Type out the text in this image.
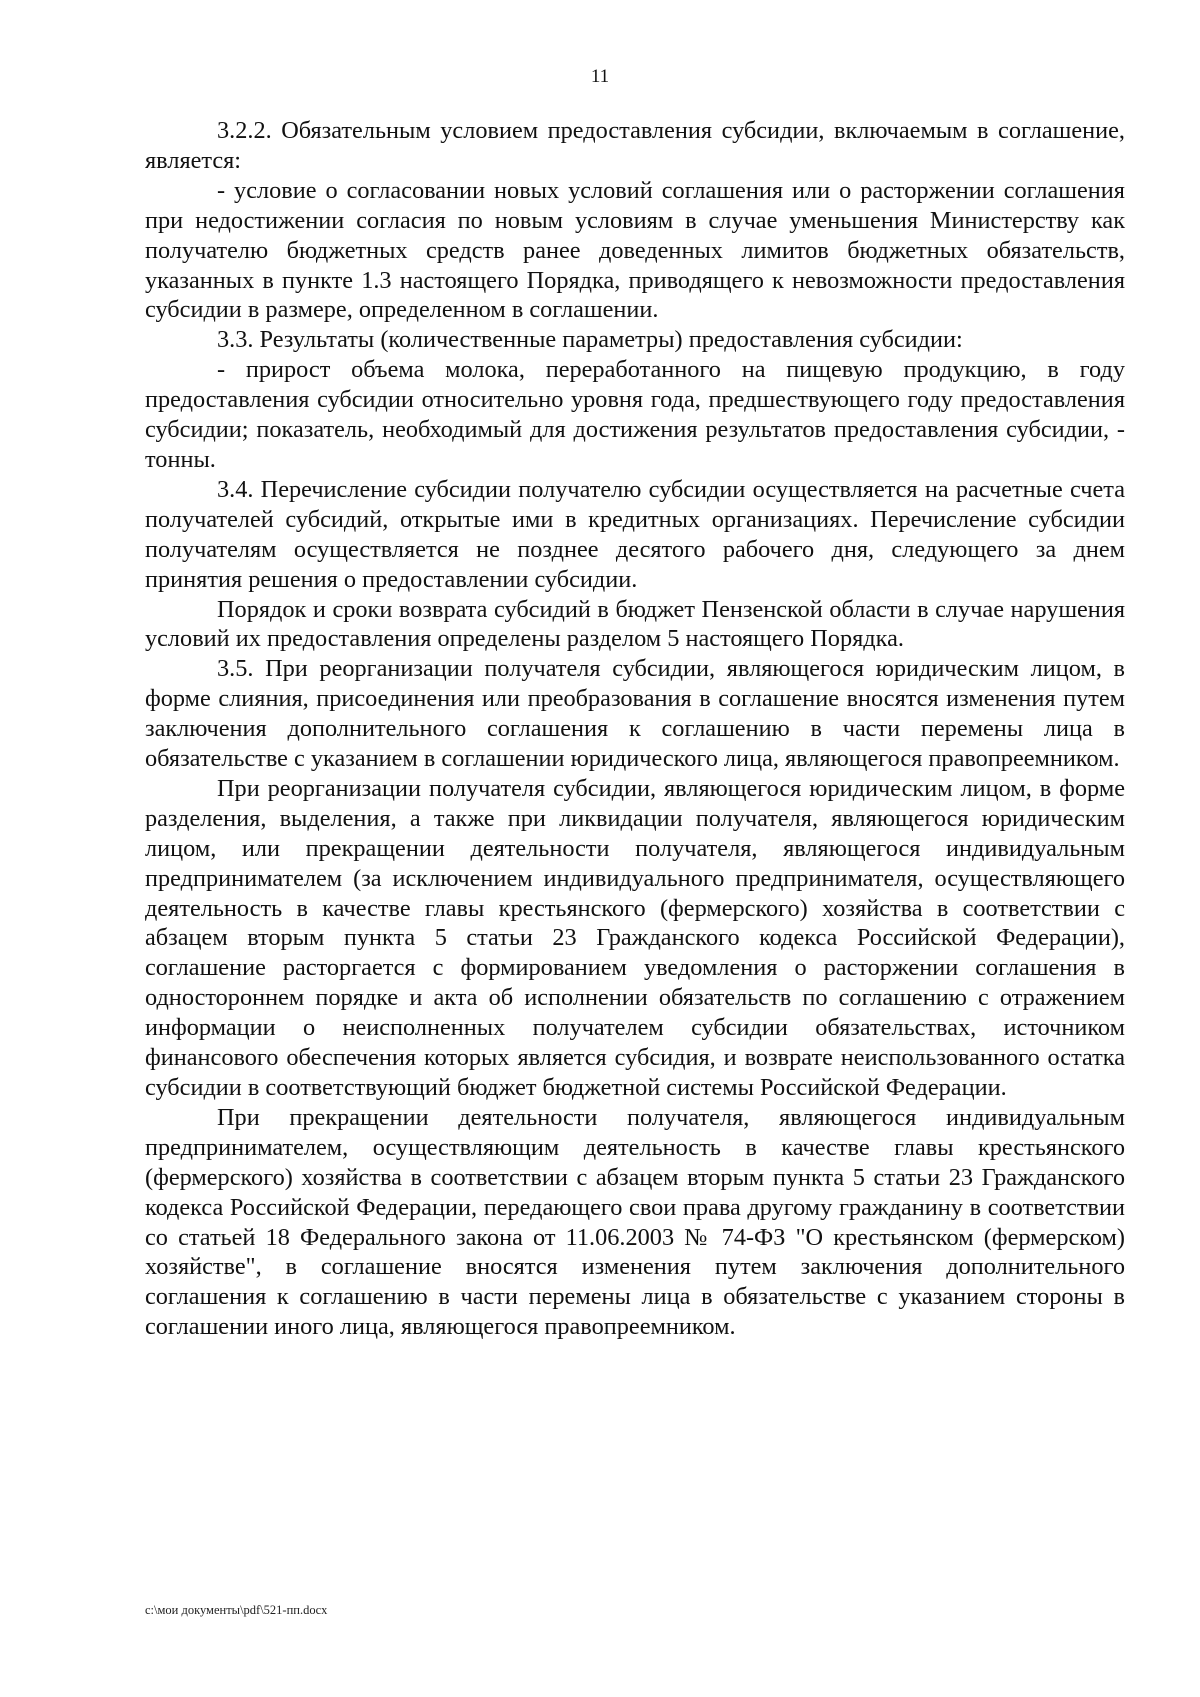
11

3.2.2. Обязательным условием предоставления субсидии, включаемым в соглашение, является:

- условие о согласовании новых условий соглашения или о расторжении соглашения при недостижении согласия по новым условиям в случае уменьшения Министерству как получателю бюджетных средств ранее доведенных лимитов бюджетных обязательств, указанных в пункте 1.3 настоящего Порядка, приводящего к невозможности предоставления субсидии в размере, определенном в соглашении.

3.3. Результаты (количественные параметры) предоставления субсидии:

- прирост объема молока, переработанного на пищевую продукцию, в году предоставления субсидии относительно уровня года, предшествующего году предоставления субсидии; показатель, необходимый для достижения результатов предоставления субсидии, - тонны.

3.4. Перечисление субсидии получателю субсидии осуществляется на расчетные счета получателей субсидий, открытые ими в кредитных организациях. Перечисление субсидии получателям осуществляется не позднее десятого рабочего дня, следующего за днем принятия решения о предоставлении субсидии.

Порядок и сроки возврата субсидий в бюджет Пензенской области в случае нарушения условий их предоставления определены разделом 5 настоящего Порядка.

3.5. При реорганизации получателя субсидии, являющегося юридическим лицом, в форме слияния, присоединения или преобразования в соглашение вносятся изменения путем заключения дополнительного соглашения к соглашению в части перемены лица в обязательстве с указанием в соглашении юридического лица, являющегося правопреемником.

При реорганизации получателя субсидии, являющегося юридическим лицом, в форме разделения, выделения, а также при ликвидации получателя, являющегося юридическим лицом, или прекращении деятельности получателя, являющегося индивидуальным предпринимателем (за исключением индивидуального предпринимателя, осуществляющего деятельность в качестве главы крестьянского (фермерского) хозяйства в соответствии с абзацем вторым пункта 5 статьи 23 Гражданского кодекса Российской Федерации), соглашение расторгается с формированием уведомления о расторжении соглашения в одностороннем порядке и акта об исполнении обязательств по соглашению с отражением информации о неисполненных получателем субсидии обязательствах, источником финансового обеспечения которых является субсидия, и возврате неиспользованного остатка субсидии в соответствующий бюджет бюджетной системы Российской Федерации.

При прекращении деятельности получателя, являющегося индивидуальным предпринимателем, осуществляющим деятельность в качестве главы крестьянского (фермерского) хозяйства в соответствии с абзацем вторым пункта 5 статьи 23 Гражданского кодекса Российской Федерации, передающего свои права другому гражданину в соответствии со статьей 18 Федерального закона от 11.06.2003 № 74-ФЗ "О крестьянском (фермерском) хозяйстве", в соглашение вносятся изменения путем заключения дополнительного соглашения к соглашению в части перемены лица в обязательстве с указанием стороны в соглашении иного лица, являющегося правопреемником.

c:\мои документы\pdf\521-пп.docx
